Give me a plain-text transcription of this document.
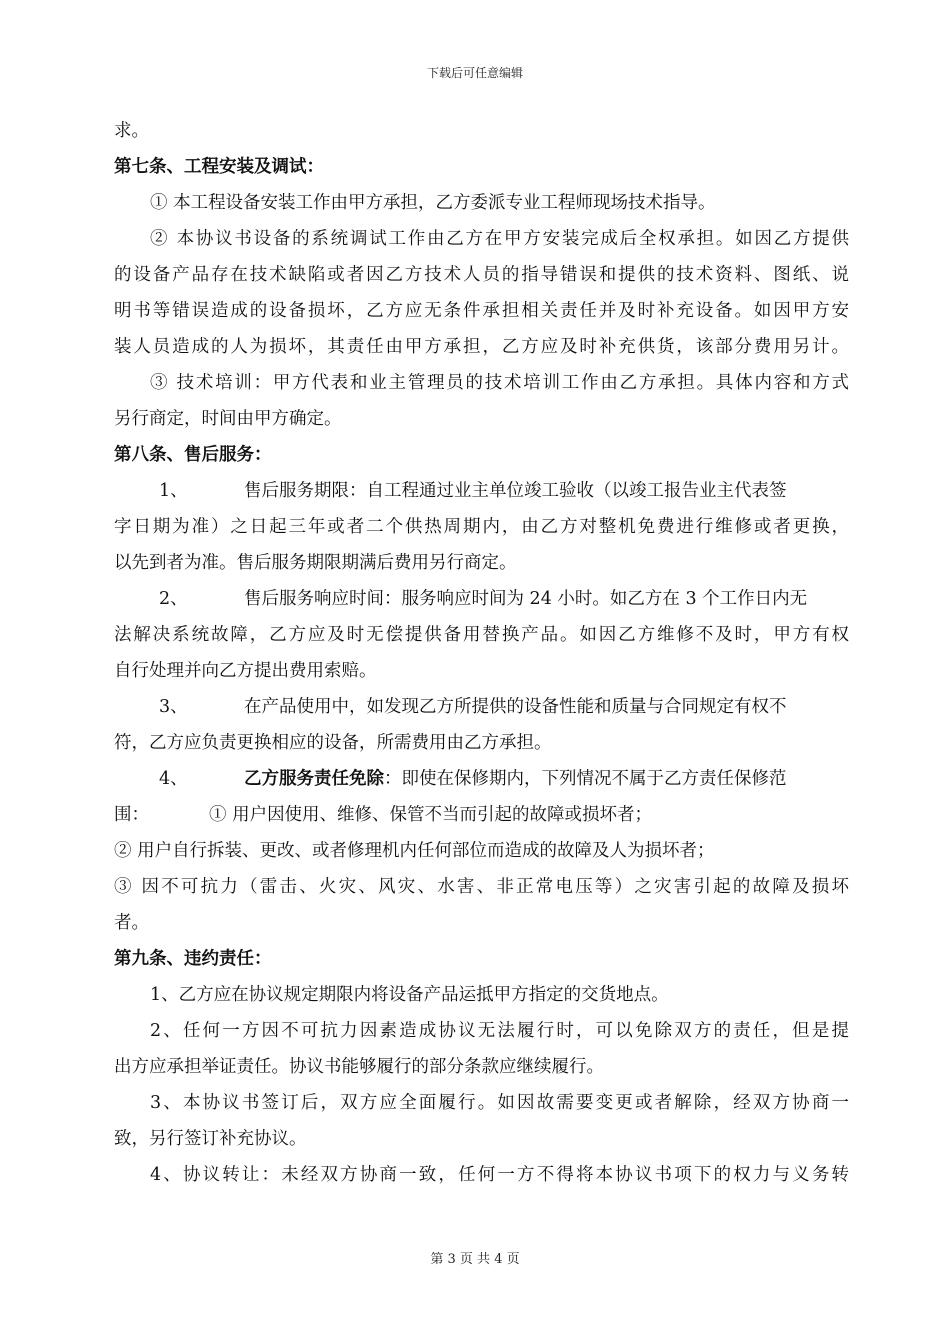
下载后可任意编辑
求。
第七条、工程安装及调试：
① 本工程设备安装工作由甲方承担，乙方委派专业工程师现场技术指导。
② 本协议书设备的系统调试工作由乙方在甲方安装完成后全权承担。如因乙方提供
的设备产品存在技术缺陷或者因乙方技术人员的指导错误和提供的技术资料、图纸、说
明书等错误造成的设备损坏，乙方应无条件承担相关责任并及时补充设备。如因甲方安
装人员造成的人为损坏，其责任由甲方承担，乙方应及时补充供货，该部分费用另计。
③ 技术培训：甲方代表和业主管理员的技术培训工作由乙方承担。具体内容和方式
另行商定，时间由甲方确定。
第八条、售后服务：
1、	售后服务期限：自工程通过业主单位竣工验收（以竣工报告业主代表签
字日期为准）之日起三年或者二个供热周期内，由乙方对整机免费进行维修或者更换，
以先到者为准。售后服务期限期满后费用另行商定。
2、	售后服务响应时间：服务响应时间为 24 小时。如乙方在 3 个工作日内无
法解决系统故障，乙方应及时无偿提供备用替换产品。如因乙方维修不及时，甲方有权
自行处理并向乙方提出费用索赔。
3、	在产品使用中，如发现乙方所提供的设备性能和质量与合同规定有权不
符，乙方应负责更换相应的设备，所需费用由乙方承担。
4、	乙方服务责任免除：即使在保修期内，下列情况不属于乙方责任保修范
围：	① 用户因使用、维修、保管不当而引起的故障或损坏者；
② 用户自行拆装、更改、或者修理机内任何部位而造成的故障及人为损坏者；
③ 因不可抗力（雷击、火灾、风灾、水害、非正常电压等）之灾害引起的故障及损坏
者。
第九条、违约责任：
1、乙方应在协议规定期限内将设备产品运抵甲方指定的交货地点。
2、任何一方因不可抗力因素造成协议无法履行时，可以免除双方的责任，但是提
出方应承担举证责任。协议书能够履行的部分条款应继续履行。
3、本协议书签订后，双方应全面履行。如因故需要变更或者解除，经双方协商一
致，另行签订补充协议。
4、协议转让：未经双方协商一致，任何一方不得将本协议书项下的权力与义务转
第 3 页 共 4 页
